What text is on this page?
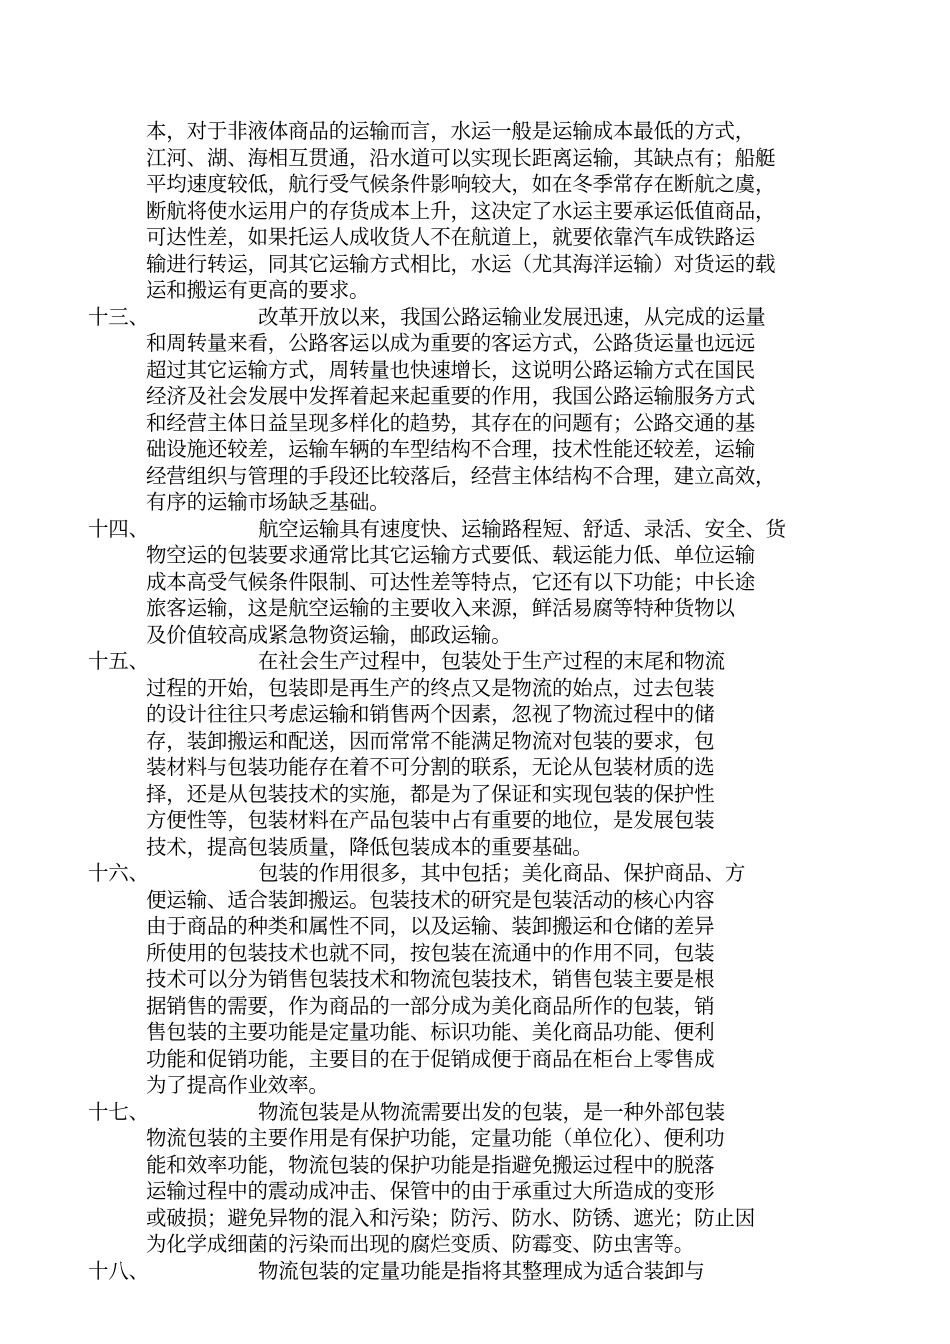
本，对于非液体商品的运输而言，水运一般是运输成本最低的方式，
江河、湖、海相互贯通，沿水道可以实现长距离运输，其缺点有；船艇
平均速度较低，航行受气候条件影响较大，如在冬季常存在断航之虞，
断航将使水运用户的存货成本上升，这决定了水运主要承运低值商品，
可达性差，如果托运人成收货人不在航道上，就要依靠汽车成铁路运
输进行转运，同其它运输方式相比，水运（尤其海洋运输）对货运的载
运和搬运有更高的要求。
十三、	改革开放以来，我国公路运输业发展迅速，从完成的运量
和周转量来看，公路客运以成为重要的客运方式，公路货运量也远远
超过其它运输方式，周转量也快速增长，这说明公路运输方式在国民
经济及社会发展中发挥着起来起重要的作用，我国公路运输服务方式
和经营主体日益呈现多样化的趋势，其存在的问题有；公路交通的基
础设施还较差，运输车辆的车型结构不合理，技术性能还较差，运输
经营组织与管理的手段还比较落后，经营主体结构不合理，建立高效，
有序的运输市场缺乏基础。
十四、	航空运输具有速度快、运输路程短、舒适、录活、安全、货
物空运的包装要求通常比其它运输方式要低、载运能力低、单位运输
成本高受气候条件限制、可达性差等特点，它还有以下功能；中长途
旅客运输，这是航空运输的主要收入来源，鲜活易腐等特种货物以
及价值较高成紧急物资运输，邮政运输。
十五、	在社会生产过程中，包装处于生产过程的末尾和物流
过程的开始，包装即是再生产的终点又是物流的始点，过去包装
的设计往往只考虑运输和销售两个因素，忽视了物流过程中的储
存，装卸搬运和配送，因而常常不能满足物流对包装的要求，包
装材料与包装功能存在着不可分割的联系，无论从包装材质的选
择，还是从包装技术的实施，都是为了保证和实现包装的保护性
方便性等，包装材料在产品包装中占有重要的地位，是发展包装
技术，提高包装质量，降低包装成本的重要基础。
十六、	包装的作用很多，其中包括；美化商品、保护商品、方
便运输、适合装卸搬运。包装技术的研究是包装活动的核心内容
由于商品的种类和属性不同，以及运输、装卸搬运和仓储的差异
所使用的包装技术也就不同，按包装在流通中的作用不同，包装
技术可以分为销售包装技术和物流包装技术，销售包装主要是根
据销售的需要，作为商品的一部分成为美化商品所作的包装，销
售包装的主要功能是定量功能、标识功能、美化商品功能、便利
功能和促销功能，主要目的在于促销成便于商品在柜台上零售成
为了提高作业效率。
十七、	物流包装是从物流需要出发的包装，是一种外部包装
物流包装的主要作用是有保护功能，定量功能（单位化）、便利功
能和效率功能，物流包装的保护功能是指避免搬运过程中的脱落
运输过程中的震动成冲击、保管中的由于承重过大所造成的变形
或破损；避免异物的混入和污染；防污、防水、防锈、遮光；防止因
为化学成细菌的污染而出现的腐烂变质、防霉变、防虫害等。
十八、	物流包装的定量功能是指将其整理成为适合装卸与
